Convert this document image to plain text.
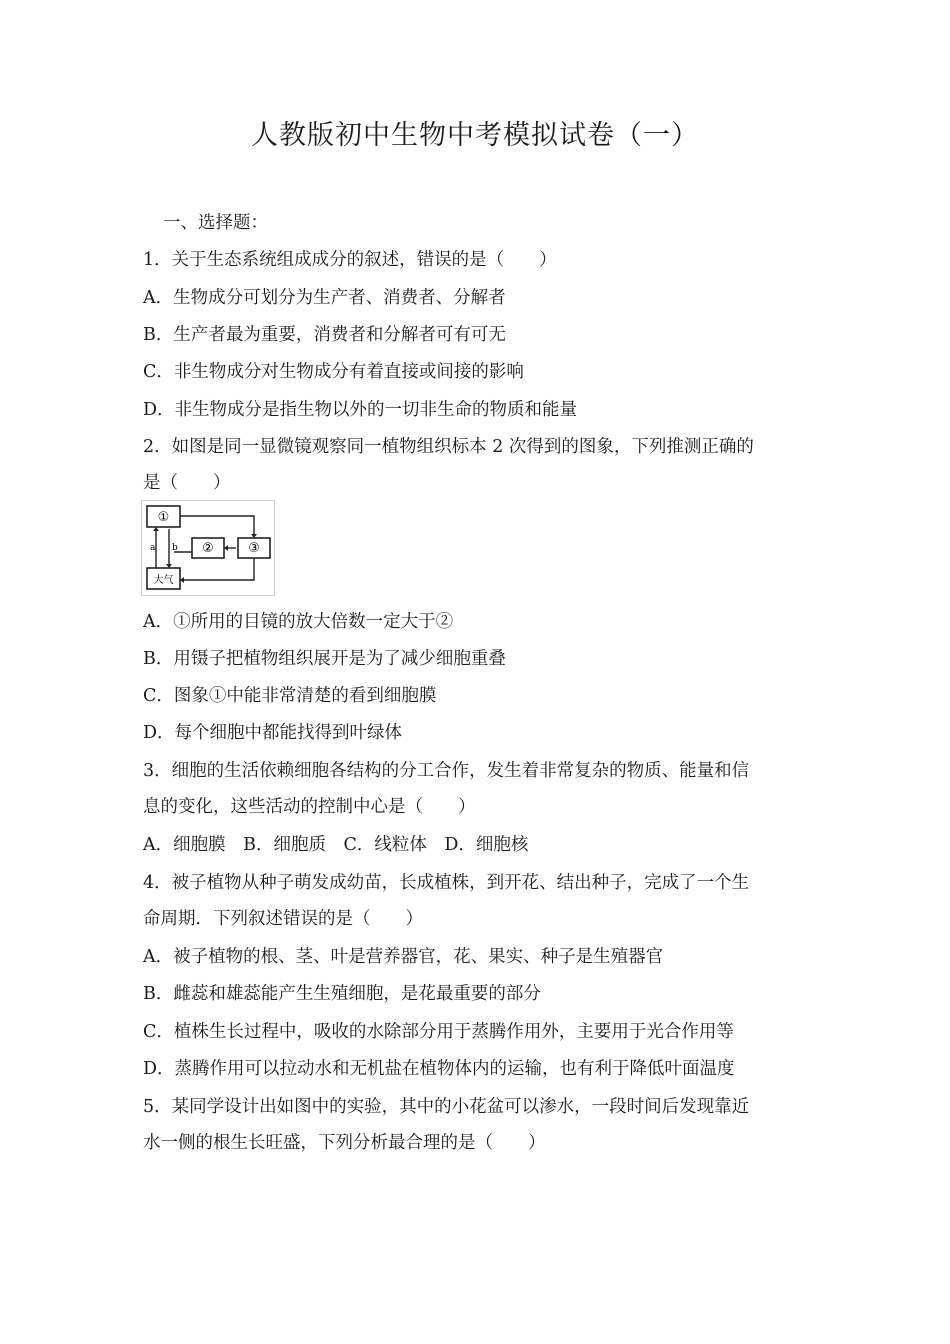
人教版初中生物中考模拟试卷（一）
一、选择题：
1．关于生态系统组成成分的叙述，错误的是（　　）
A．生物成分可划分为生产者、消费者、分解者
B．生产者最为重要，消费者和分解者可有可无
C．非生物成分对生物成分有着直接或间接的影响
D．非生物成分是指生物以外的一切非生命的物质和能量
2．如图是同一显微镜观察同一植物组织标本 2 次得到的图象，下列推测正确的
是（　　）
①
②	③
大气
a b
A．①所用的目镜的放大倍数一定大于②
B．用镊子把植物组织展开是为了减少细胞重叠
C．图象①中能非常清楚的看到细胞膜
D．每个细胞中都能找得到叶绿体
3．细胞的生活依赖细胞各结构的分工合作，发生着非常复杂的物质、能量和信
息的变化，这些活动的控制中心是（　　）
A．细胞膜　B．细胞质　C．线粒体　D．细胞核
4．被子植物从种子萌发成幼苗，长成植株，到开花、结出种子，完成了一个生
命周期．下列叙述错误的是（　　）
A．被子植物的根、茎、叶是营养器官，花、果实、种子是生殖器官
B．雌蕊和雄蕊能产生生殖细胞，是花最重要的部分
C．植株生长过程中，吸收的水除部分用于蒸腾作用外，主要用于光合作用等
D．蒸腾作用可以拉动水和无机盐在植物体内的运输，也有利于降低叶面温度
5．某同学设计出如图中的实验，其中的小花盆可以渗水，一段时间后发现靠近
水一侧的根生长旺盛，下列分析最合理的是（　　）
